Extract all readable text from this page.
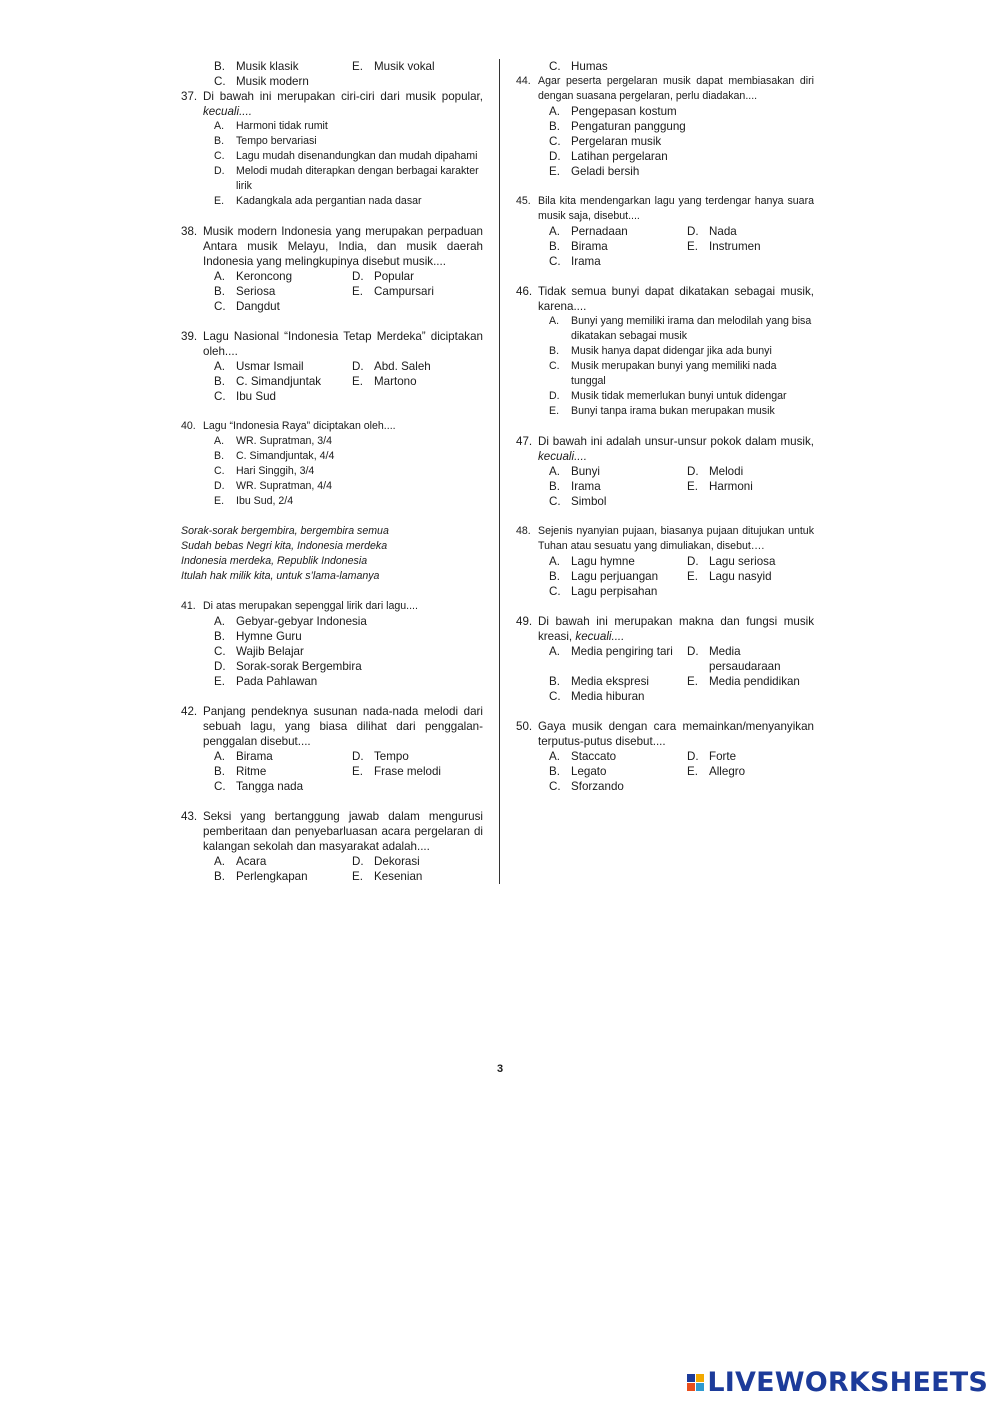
B. Musik klasik	E. Musik vokal
C. Musik modern
37. Di bawah ini merupakan ciri-ciri dari musik popular, kecuali....
A.	Harmoni tidak rumit
B.	Tempo bervariasi
C.	Lagu mudah disenandungkan dan mudah dipahami
D.	Melodi mudah diterapkan dengan berbagai karakter lirik
E.	Kadangkala ada pergantian nada dasar
38. Musik modern Indonesia yang merupakan perpaduan Antara musik Melayu, India, dan musik daerah Indonesia yang melingkupinya disebut musik....
A. Keroncong	D. Popular
B. Seriosa	E. Campursari
C. Dangdut
39. Lagu Nasional “Indonesia Tetap Merdeka” diciptakan oleh....
A. Usmar Ismail	D. Abd. Saleh
B. C. Simandjuntak	E. Martono
C. Ibu Sud
40. Lagu “Indonesia Raya” diciptakan oleh....
A.	WR. Supratman, 3/4
B.	C. Simandjuntak, 4/4
C.	Hari Singgih, 3/4
D.	WR. Supratman, 4/4
E.	Ibu Sud, 2/4
Sorak-sorak bergembira, bergembira semua
Sudah bebas Negri kita, Indonesia merdeka
Indonesia merdeka, Republik Indonesia
Itulah hak milik kita, untuk s’lama-lamanya
41. Di atas merupakan sepenggal lirik dari lagu....
A. Gebyar-gebyar Indonesia
B. Hymne Guru
C. Wajib Belajar
D. Sorak-sorak Bergembira
E. Pada Pahlawan
42. Panjang pendeknya susunan nada-nada melodi dari sebuah lagu, yang biasa dilihat dari penggalan-penggalan disebut....
A. Birama	D. Tempo
B. Ritme	E. Frase melodi
C. Tangga nada
43. Seksi yang bertanggung jawab dalam mengurusi pemberitaan dan penyebarluasan acara pergelaran di kalangan sekolah dan masyarakat adalah....
A. Acara	D. Dekorasi
B. Perlengkapan	E. Kesenian
C. Humas
44. Agar peserta pergelaran musik dapat membiasakan diri dengan suasana pergelaran, perlu diadakan....
A. Pengepasan kostum
B. Pengaturan panggung
C. Pergelaran musik
D. Latihan pergelaran
E. Geladi bersih
45. Bila kita mendengarkan lagu yang terdengar hanya suara musik saja, disebut....
A. Pernadaan	D. Nada
B. Birama	E. Instrumen
C. Irama
46. Tidak semua bunyi dapat dikatakan sebagai musik, karena....
A.	Bunyi yang memiliki irama dan melodilah yang bisa dikatakan sebagai musik
B.	Musik hanya dapat didengar jika ada bunyi
C.	Musik merupakan bunyi yang memiliki nada tunggal
D.	Musik tidak memerlukan bunyi untuk didengar
E.	Bunyi tanpa irama bukan merupakan musik
47. Di bawah ini adalah unsur-unsur pokok dalam musik, kecuali....
A. Bunyi	D. Melodi
B. Irama	E. Harmoni
C. Simbol
48. Sejenis nyanyian pujaan, biasanya pujaan ditujukan untuk Tuhan atau sesuatu yang dimuliakan, disebut….
A. Lagu hymne	D. Lagu seriosa
B. Lagu perjuangan	E. Lagu nasyid
C. Lagu perpisahan
49. Di bawah ini merupakan makna dan fungsi musik kreasi, kecuali....
A. Media pengiring tari	D. Media persaudaraan
B. Media ekspresi	E. Media pendidikan
C. Media hiburan
50. Gaya musik dengan cara memainkan/menyanyikan terputus-putus disebut....
A. Staccato	D. Forte
B. Legato	E. Allegro
C. Sforzando
3
LIVEWORKSHEETS
